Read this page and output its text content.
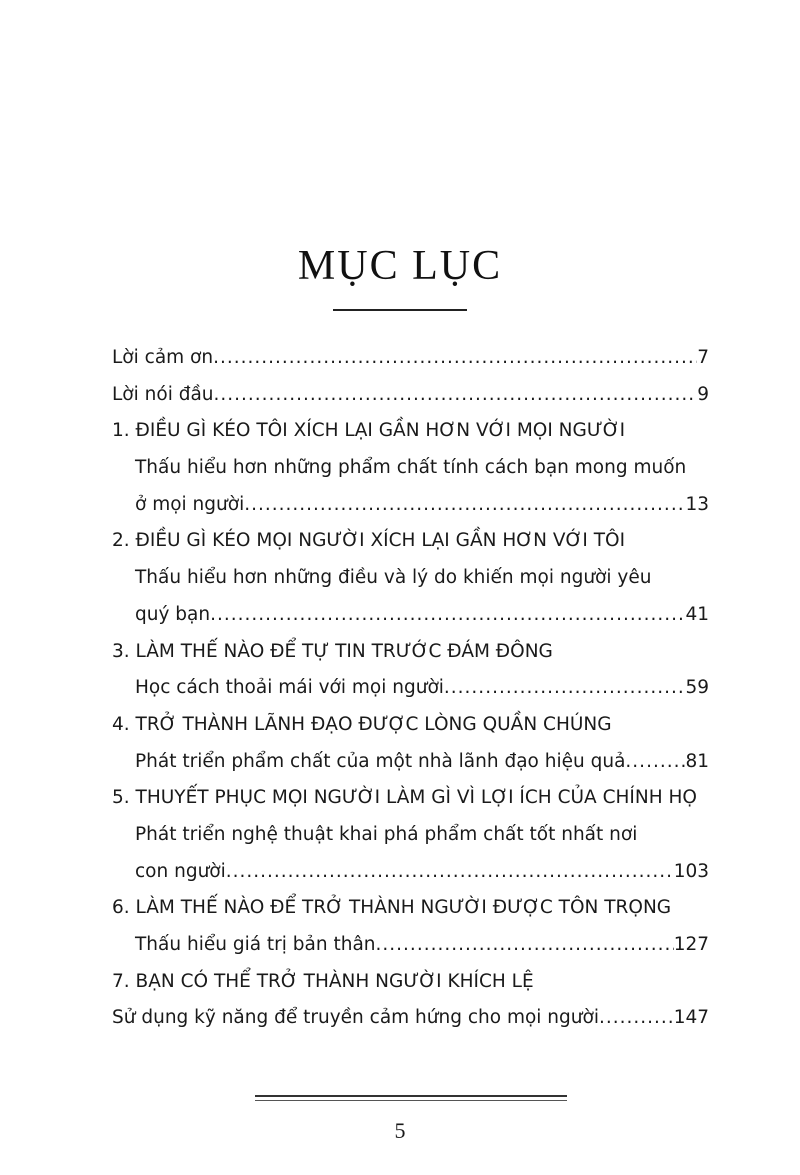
MỤC LỤC
Lời cảm ơn .....	7
Lời nói đầu .....	9
1. ĐIỀU GÌ KÉO TÔI XÍCH LẠI GẦN HƠN VỚI MỌI NGƯỜI
Thấu hiểu hơn những phẩm chất tính cách bạn mong muốn
ở mọi người .....	13
2. ĐIỀU GÌ KÉO MỌI NGƯỜI XÍCH LẠI GẦN HƠN VỚI TÔI
Thấu hiểu hơn những điều và lý do khiến mọi người yêu
quý bạn .....	41
3. LÀM THẾ NÀO ĐỂ TỰ TIN TRƯỚC ĐÁM ĐÔNG
Học cách thoải mái với mọi người .....	59
4. TRỞ THÀNH LÃNH ĐẠO ĐƯỢC LÒNG QUẦN CHÚNG
Phát triển phẩm chất của một nhà lãnh đạo hiệu quả .....	81
5. THUYẾT PHỤC MỌI NGƯỜI LÀM GÌ VÌ LỢI ÍCH CỦA CHÍNH HỌ
Phát triển nghệ thuật khai phá phẩm chất tốt nhất nơi
con người .....	103
6. LÀM THẾ NÀO ĐỂ TRỞ THÀNH NGƯỜI ĐƯỢC TÔN TRỌNG
Thấu hiểu giá trị bản thân .....	127
7. BẠN CÓ THỂ TRỞ THÀNH NGƯỜI KHÍCH LỆ
Sử dụng kỹ năng để truyền cảm hứng cho mọi người .....	147
5
